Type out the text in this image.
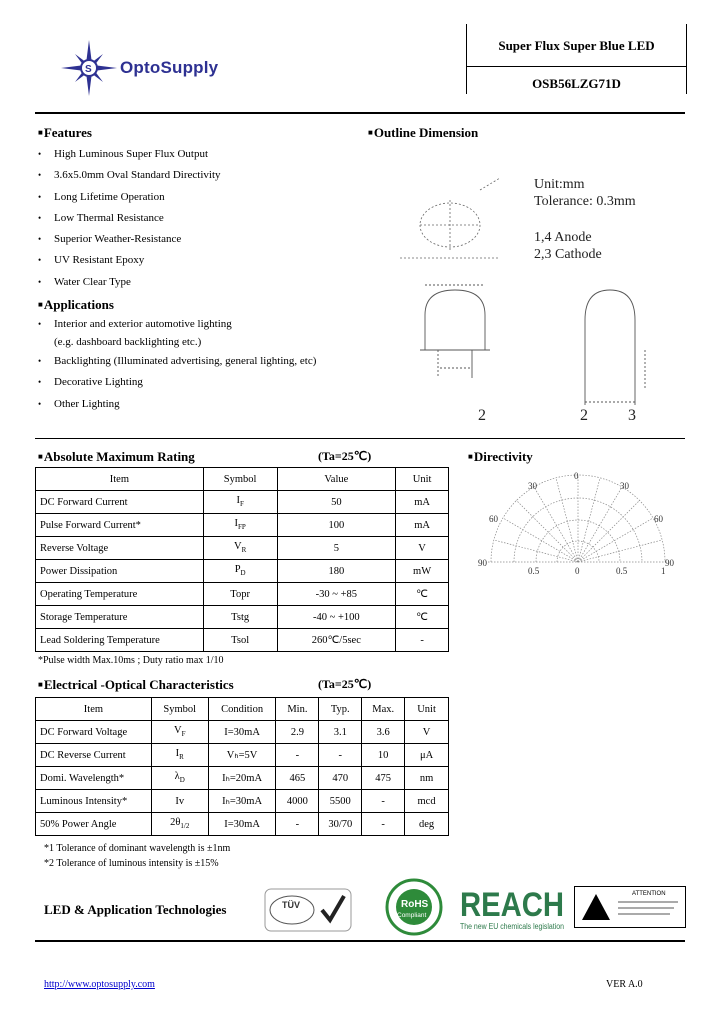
S OptoSupply
Super Flux Super Blue LED
OSB56LZG71D
■ Features
• High Luminous Super Flux Output
• 3.6x5.0mm Oval Standard Directivity
• Long Lifetime Operation
• Low Thermal Resistance
• Superior Weather-Resistance
• UV Resistant Epoxy
• Water Clear Type
■ Applications
• Interior and exterior automotive lighting
(e.g. dashboard backlighting etc.)
• Backlighting (Illuminated advertising, general lighting, etc)
• Decorative Lighting
• Other Lighting
■ Outline Dimension
Unit:mm
Tolerance: 0.3mm
1,4 Anode
2,3 Cathode
2	2	3
■ Absolute Maximum Rating	(Ta=25℃)
Item	Symbol	Value	Unit
DC Forward Current	$I_F$	50	mA
Pulse Forward Current*	$I_{FP}$	100	mA
Reverse Voltage	$V_R$	5	V
Power Dissipation	$P_D$	180	mW
Operating Temperature	Topr	-30 ~ +85	℃
Storage Temperature	Tstg	-40 ~ +100	℃
Lead Soldering Temperature	Tsol	260℃/5sec	-
*Pulse width Max.10ms ; Duty ratio max 1/10
■ Directivity
0
30	30
60	60
90	90
0.5	0	0.5	1
■ Electrical -Optical Characteristics	(Ta=25℃)
Item	Symbol	Condition	Min.	Typ.	Max.	Unit
DC Forward Voltage	$V_F$	I=30mA	2.9	3.1	3.6	V
DC Reverse Current	$I_R$	Vₕ=5V	-	-	10	μA
Domi. Wavelength*	$\lambda_D$	Iₕ=20mA	465	470	475	nm
Luminous Intensity*	Iv	Iₕ=30mA	4000	5500	-	mcd
50% Power Angle	$2\theta_{1/2}$	I=30mA	-	30/70	-	deg
*1 Tolerance of dominant wavelength is ±1nm
*2 Tolerance of luminous intensity is ±15%
LED & Application Technologies	TÜV	RoHS
Compliant REACH
The new EU chemicals legislation
ATTENTION
http://www.optosupply.com	VER A.0
